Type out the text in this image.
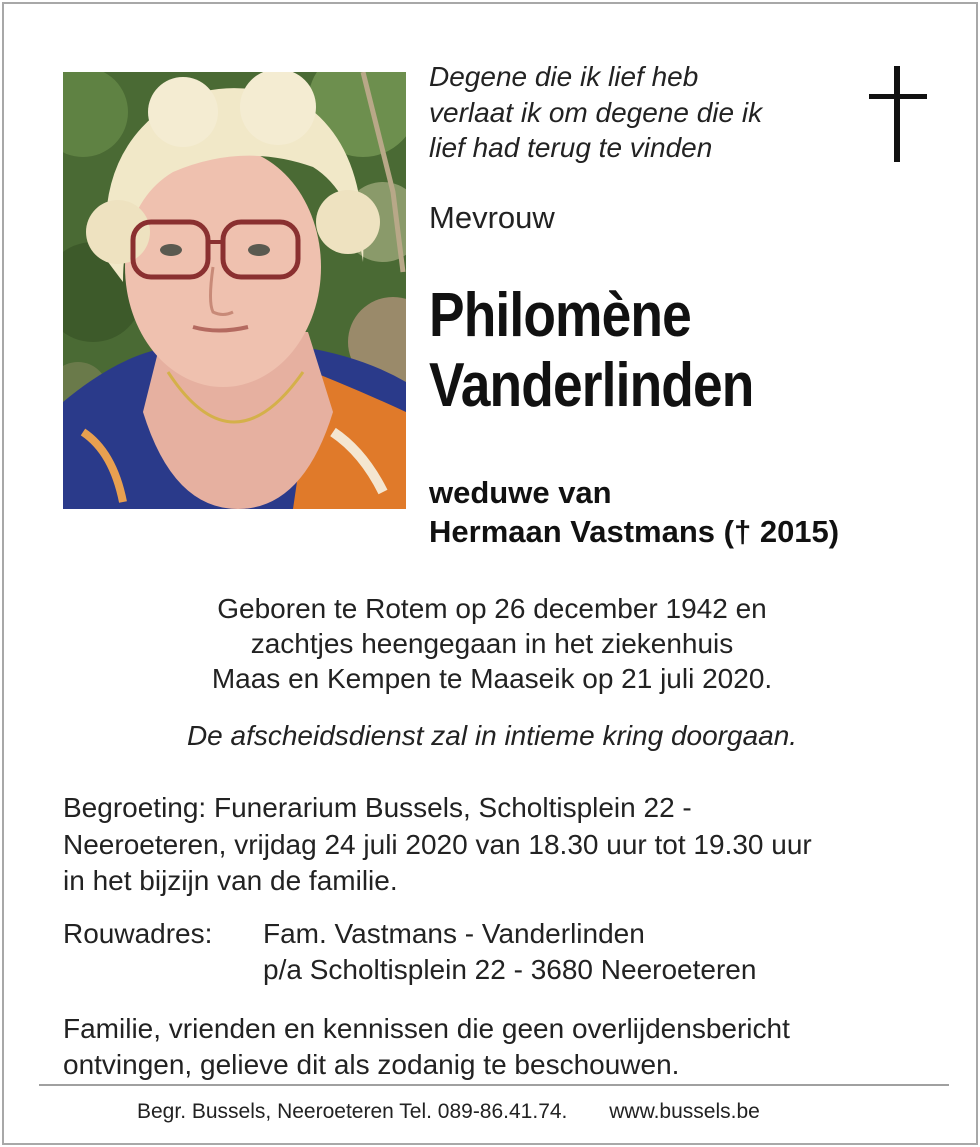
Degene die ik lief heb
verlaat ik om degene die ik
lief had terug te vinden
Mevrouw
Philomène
Vanderlinden
weduwe van
Hermaan Vastmans († 2015)
Geboren te Rotem op 26 december 1942 en
zachtjes heengegaan in het ziekenhuis
Maas en Kempen te Maaseik op 21 juli 2020.
De afscheidsdienst zal in intieme kring doorgaan.
Begroeting: Funerarium Bussels, Scholtisplein 22 -
Neeroeteren, vrijdag 24 juli 2020 van 18.30 uur tot 19.30 uur
in het bijzijn van de familie.
Rouwadres: Fam. Vastmans - Vanderlinden
p/a Scholtisplein 22 - 3680 Neeroeteren
Familie, vrienden en kennissen die geen overlijdensbericht
ontvingen, gelieve dit als zodanig te beschouwen.
Begr. Bussels, Neeroeteren Tel. 089-86.41.74. www.bussels.be
